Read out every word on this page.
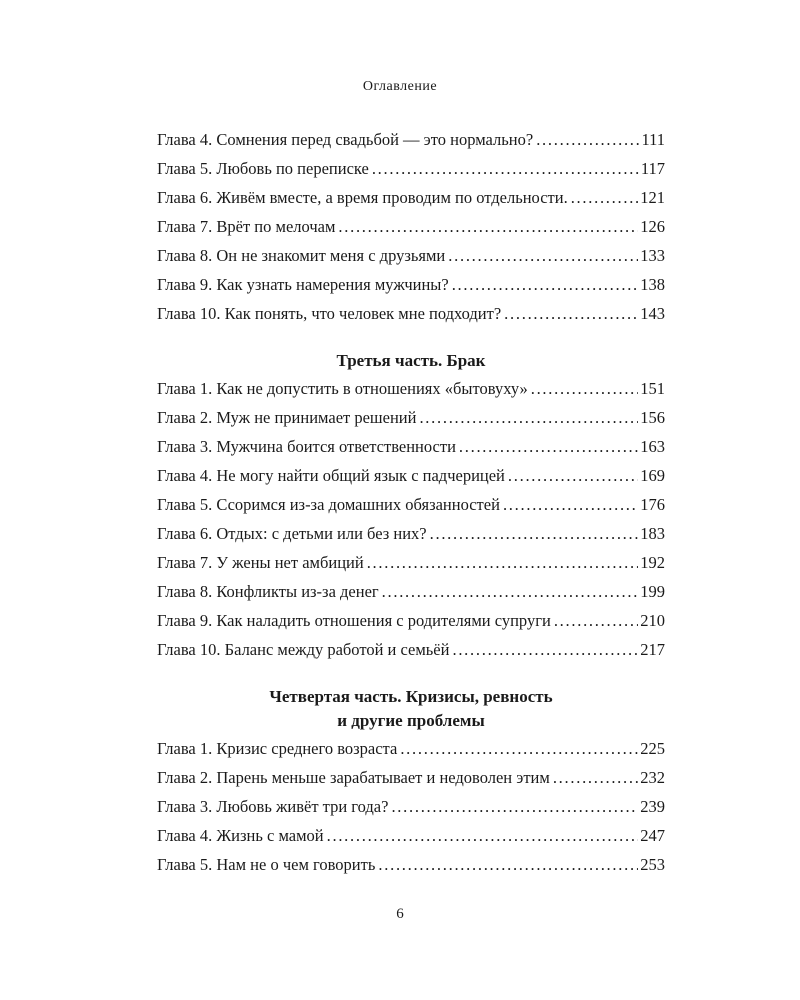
Оглавление
Глава 4. Сомнения перед свадьбой — это нормально? . . .	111
Глава 5. Любовь по переписке . . .	117
Глава 6. Живём вместе, а время проводим по отдельности. . . .	121
Глава 7. Врёт по мелочам . . .	126
Глава 8. Он не знакомит меня с друзьями . . .	133
Глава 9. Как узнать намерения мужчины? . . .	138
Глава 10. Как понять, что человек мне подходит? . . .	143
Третья часть. Брак
Глава 1. Как не допустить в отношениях «бытовуху» . . .	151
Глава 2. Муж не принимает решений . . .	156
Глава 3. Мужчина боится ответственности . . .	163
Глава 4. Не могу найти общий язык с падчерицей . . .	169
Глава 5. Ссоримся из-за домашних обязанностей . . .	176
Глава 6. Отдых: с детьми или без них? . . .	183
Глава 7. У жены нет амбиций . . .	192
Глава 8. Конфликты из-за денег . . .	199
Глава 9. Как наладить отношения с родителями супруги . . .	210
Глава 10. Баланс между работой и семьёй . . .	217
Четвертая часть. Кризисы, ревность
и другие проблемы
Глава 1. Кризис среднего возраста . . .	225
Глава 2. Парень меньше зарабатывает и недоволен этим . . .	232
Глава 3. Любовь живёт три года? . . .	239
Глава 4. Жизнь с мамой . . .	247
Глава 5. Нам не о чем говорить . . .	253
6
